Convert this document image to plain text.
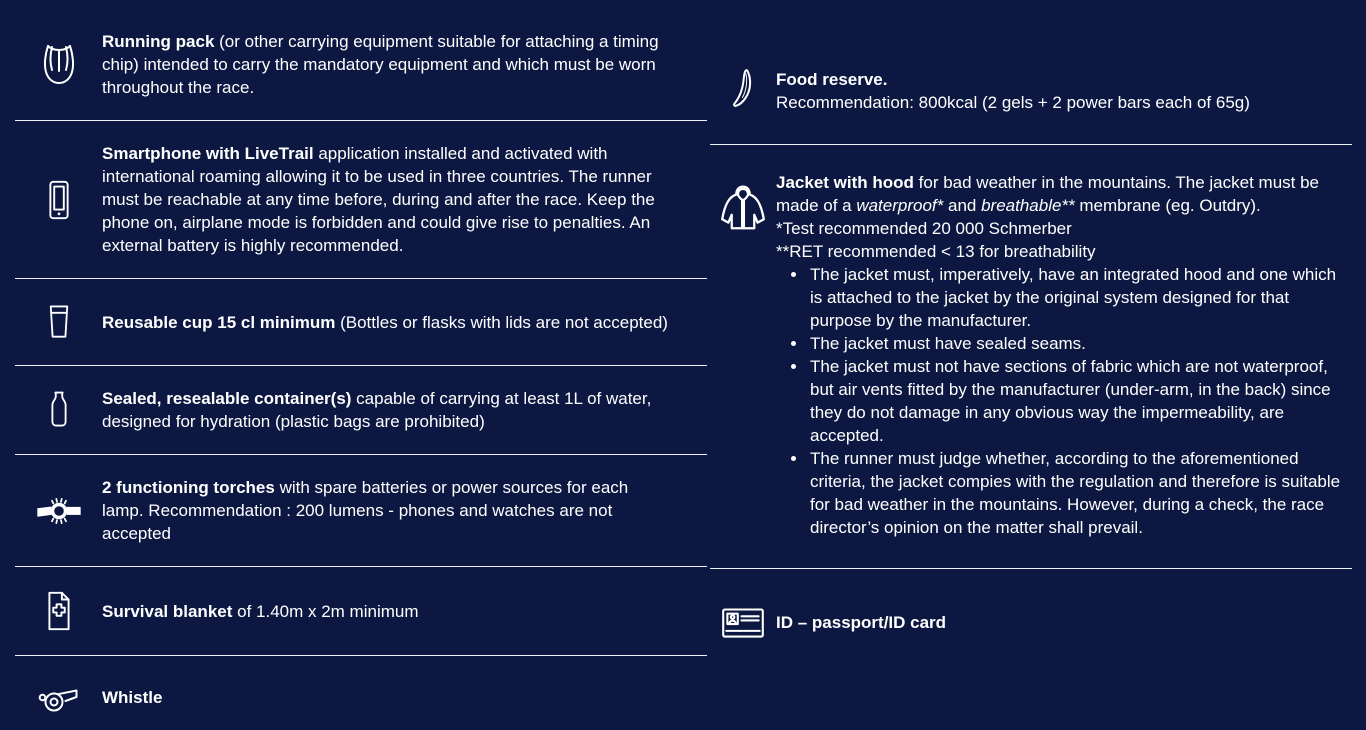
Running pack (or other carrying equipment suitable for attaching a timing chip) intended to carry the mandatory equipment and which must be worn throughout the race.
Smartphone with LiveTrail application installed and activated with international roaming allowing it to be used in three countries. The runner must be reachable at any time before, during and after the race. Keep the phone on, airplane mode is forbidden and could give rise to penalties. An external battery is highly recommended.
Reusable cup 15 cl minimum (Bottles or flasks with lids are not accepted)
Sealed, resealable container(s) capable of carrying at least 1L of water, designed for hydration (plastic bags are prohibited)
2 functioning torches with spare batteries or power sources for each lamp. Recommendation : 200 lumens - phones and watches are not accepted
Survival blanket of 1.40m x 2m minimum
Whistle
Food reserve.
Recommendation: 800kcal (2 gels + 2 power bars each of 65g)
Jacket with hood for bad weather in the mountains. The jacket must be made of a waterproof* and breathable** membrane (eg. Outdry).
*Test recommended 20 000 Schmerber
**RET recommended < 13 for breathability
• The jacket must, imperatively, have an integrated hood and one which is attached to the jacket by the original system designed for that purpose by the manufacturer.
• The jacket must have sealed seams.
• The jacket must not have sections of fabric which are not waterproof, but air vents fitted by the manufacturer (under-arm, in the back) since they do not damage in any obvious way the impermeability, are accepted.
• The runner must judge whether, according to the aforementioned criteria, the jacket compies with the regulation and therefore is suitable for bad weather in the mountains. However, during a check, the race director’s opinion on the matter shall prevail.
ID – passport/ID card
